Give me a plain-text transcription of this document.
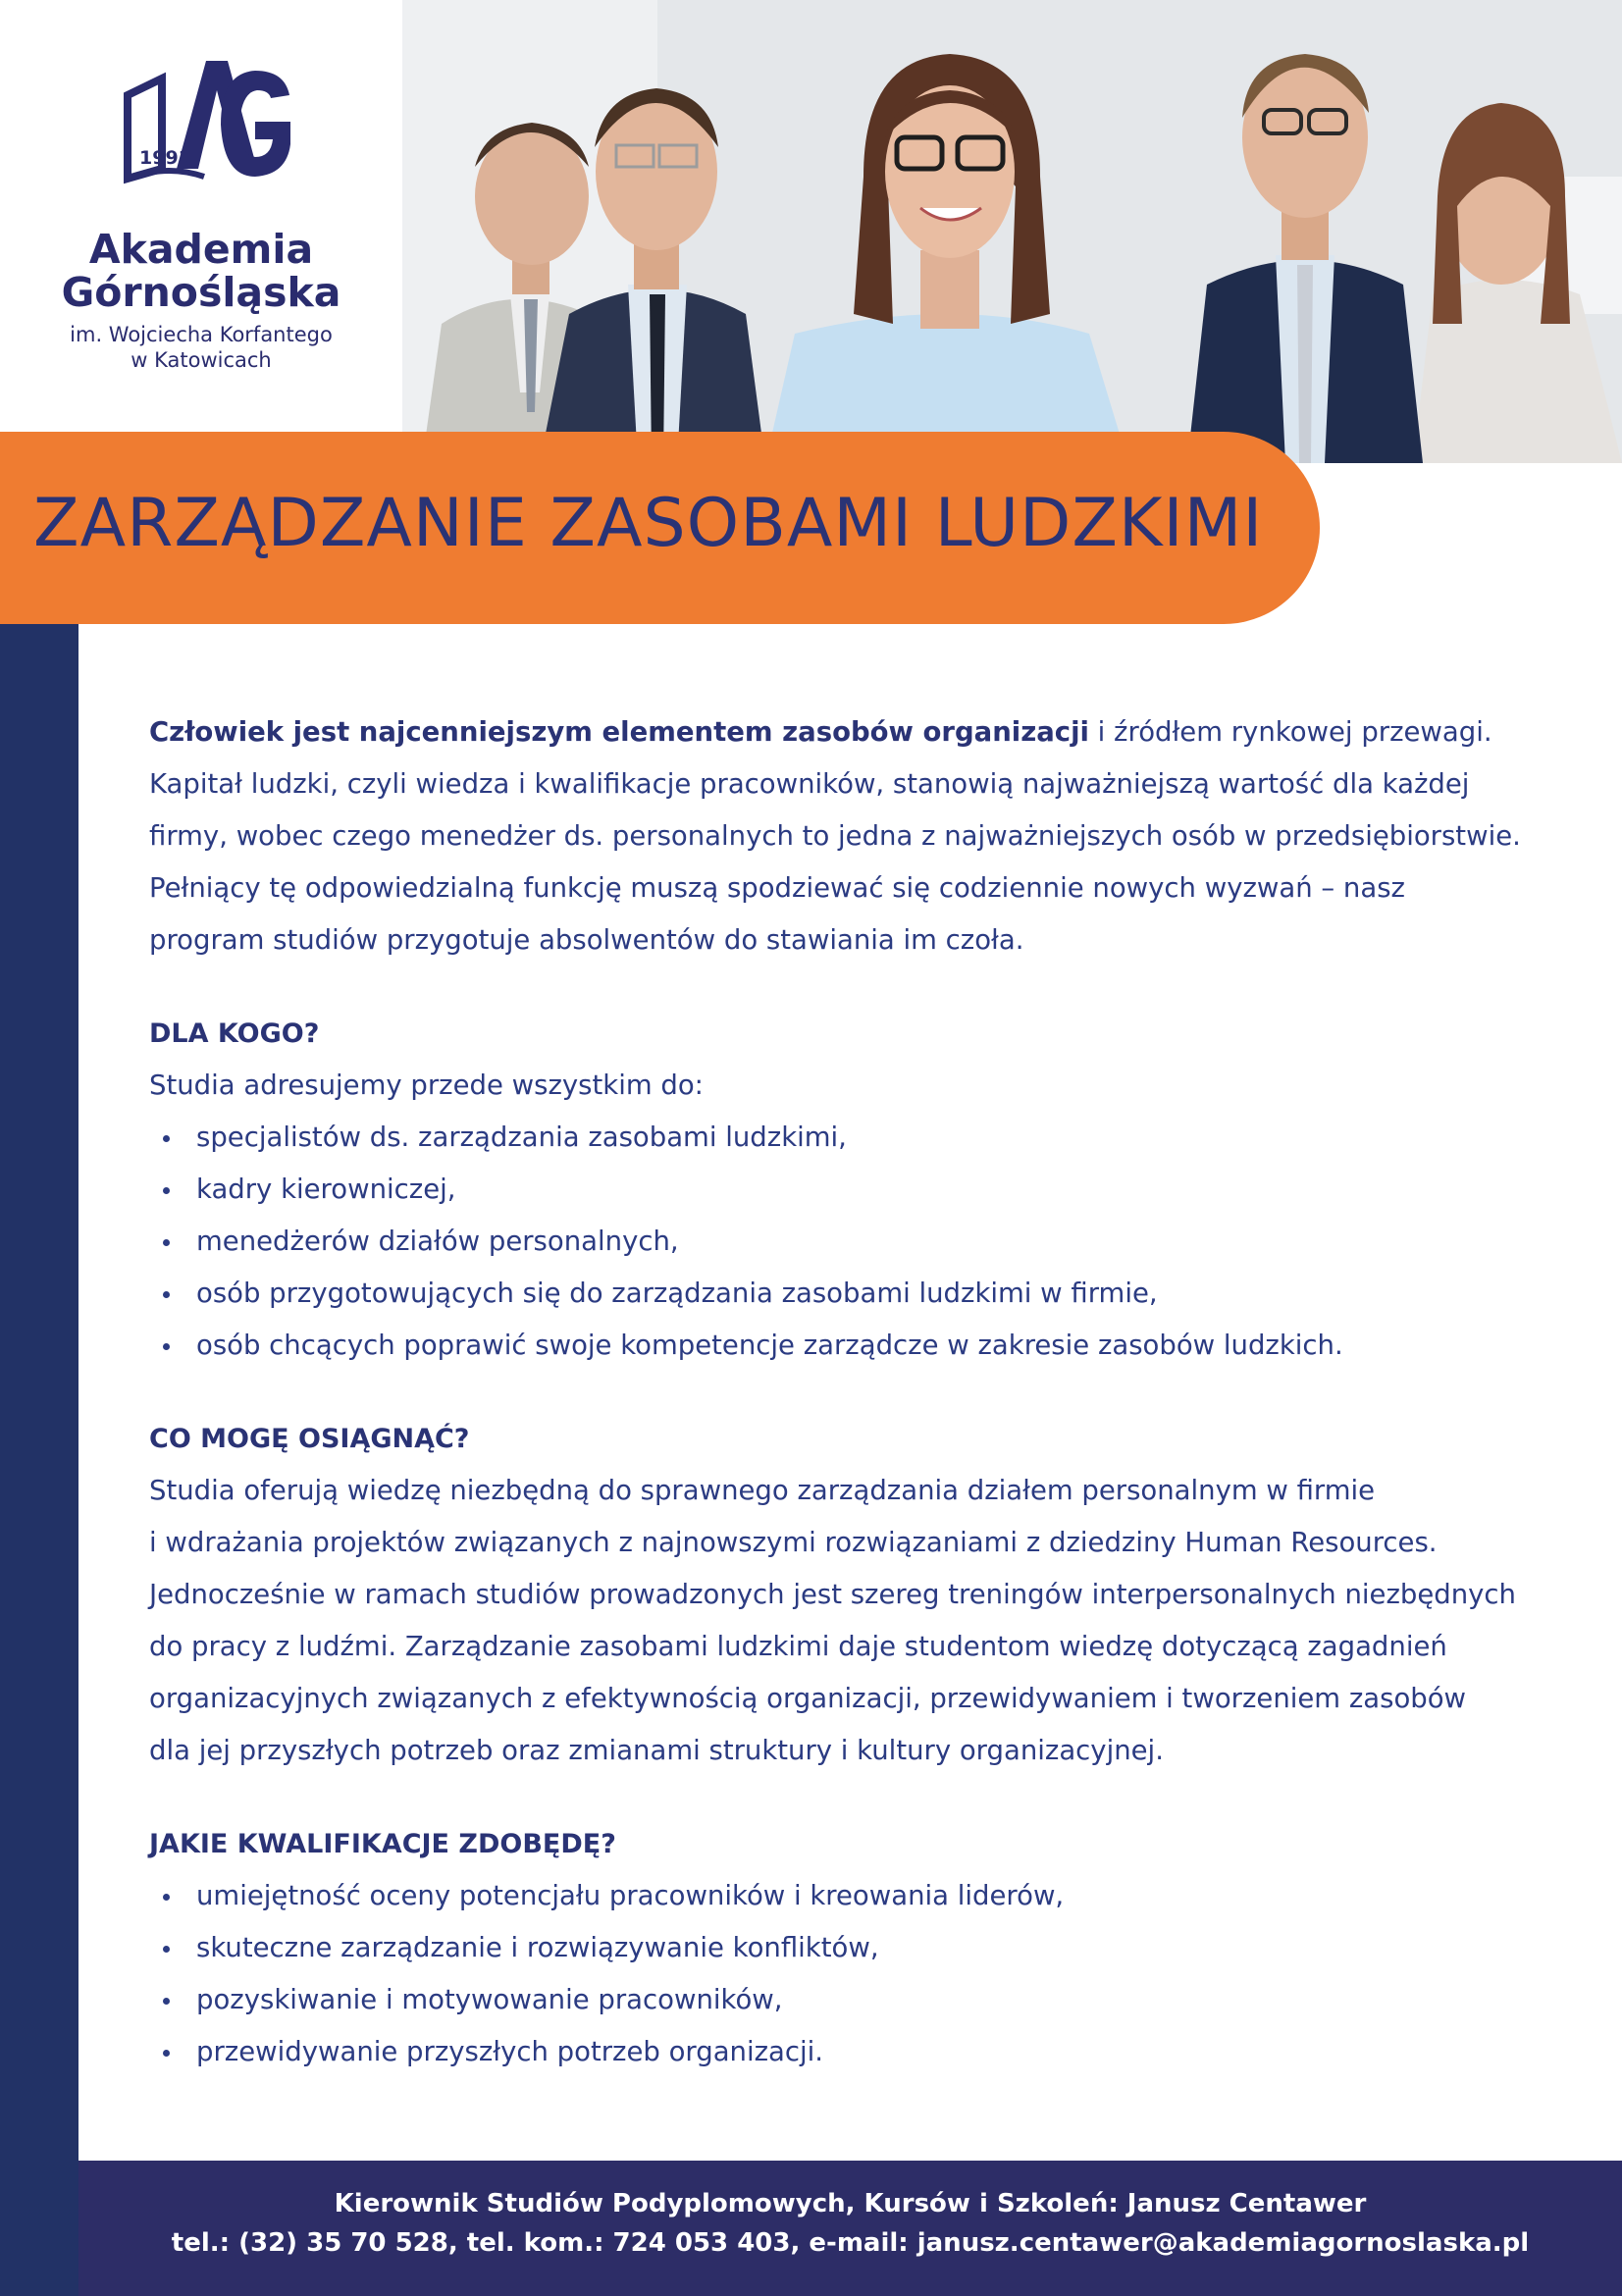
1991
Akademia
Górnośląska
im. Wojciecha Korfantego
w Katowicach
ZARZĄDZANIE ZASOBAMI LUDZKIMI

Człowiek jest najcenniejszym elementem zasobów organizacji i źródłem rynkowej przewagi.

Kapitał ludzki, czyli wiedza i kwalifikacje pracowników, stanowią najważniejszą wartość dla każdej

firmy, wobec czego menedżer ds. personalnych to jedna z najważniejszych osób w przedsiębiorstwie.

Pełniący tę odpowiedzialną funkcję muszą spodziewać się codziennie nowych wyzwań – nasz

program studiów przygotuje absolwentów do stawiania im czoła.

DLA KOGO?

Studia adresujemy przede wszystkim do:

specjalistów ds. zarządzania zasobami ludzkimi,
kadry kierowniczej,
menedżerów działów personalnych,
osób przygotowujących się do zarządzania zasobami ludzkimi w firmie,
osób chcących poprawić swoje kompetencje zarządcze w zakresie zasobów ludzkich.

CO MOGĘ OSIĄGNĄĆ?

Studia oferują wiedzę niezbędną do sprawnego zarządzania działem personalnym w firmie

i wdrażania projektów związanych z najnowszymi rozwiązaniami z dziedziny Human Resources.

Jednocześnie w ramach studiów prowadzonych jest szereg treningów interpersonalnych niezbędnych

do pracy z ludźmi. Zarządzanie zasobami ludzkimi daje studentom wiedzę dotyczącą zagadnień

organizacyjnych związanych z efektywnością organizacji, przewidywaniem i tworzeniem zasobów

dla jej przyszłych potrzeb oraz zmianami struktury i kultury organizacyjnej.

JAKIE KWALIFIKACJE ZDOBĘDĘ?

umiejętność oceny potencjału pracowników i kreowania liderów,
skuteczne zarządzanie i rozwiązywanie konfliktów,
pozyskiwanie i motywowanie pracowników,
przewidywanie przyszłych potrzeb organizacji.

Kierownik Studiów Podyplomowych, Kursów i Szkoleń: Janusz Centawer

tel.: (32) 35 70 528, tel. kom.: 724 053 403, e-mail: janusz.centawer@akademiagornoslaska.pl
